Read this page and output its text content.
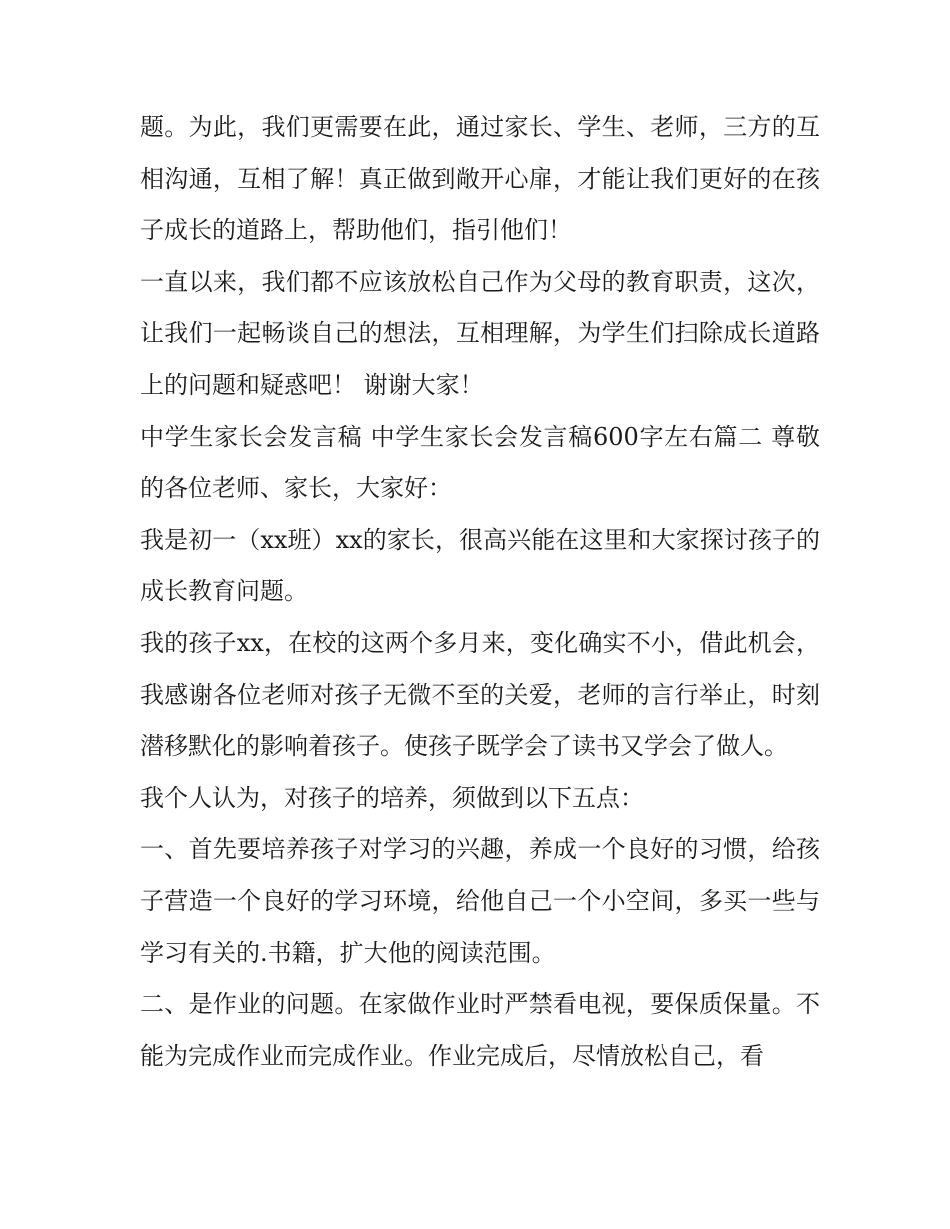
题。为此，我们更需要在此，通过家长、学生、老师，三方的互相沟通，互相了解！真正做到敞开心扉，才能让我们更好的在孩子成长的道路上，帮助他们，指引他们！

一直以来，我们都不应该放松自己作为父母的教育职责，这次，让我们一起畅谈自己的想法，互相理解，为学生们扫除成长道路上的问题和疑惑吧！ 谢谢大家！

中学生家长会发言稿 中学生家长会发言稿600字左右篇二 尊敬的各位老师、家长，大家好：

我是初一（xx班）xx的家长，很高兴能在这里和大家探讨孩子的成长教育问题。

我的孩子xx，在校的这两个多月来，变化确实不小，借此机会，我感谢各位老师对孩子无微不至的关爱，老师的言行举止，时刻潜移默化的影响着孩子。使孩子既学会了读书又学会了做人。

我个人认为，对孩子的培养，须做到以下五点：

一、首先要培养孩子对学习的兴趣，养成一个良好的习惯，给孩子营造一个良好的学习环境，给他自己一个小空间，多买一些与学习有关的.书籍，扩大他的阅读范围。

二、是作业的问题。在家做作业时严禁看电视，要保质保量。不能为完成作业而完成作业。作业完成后，尽情放松自己，看
